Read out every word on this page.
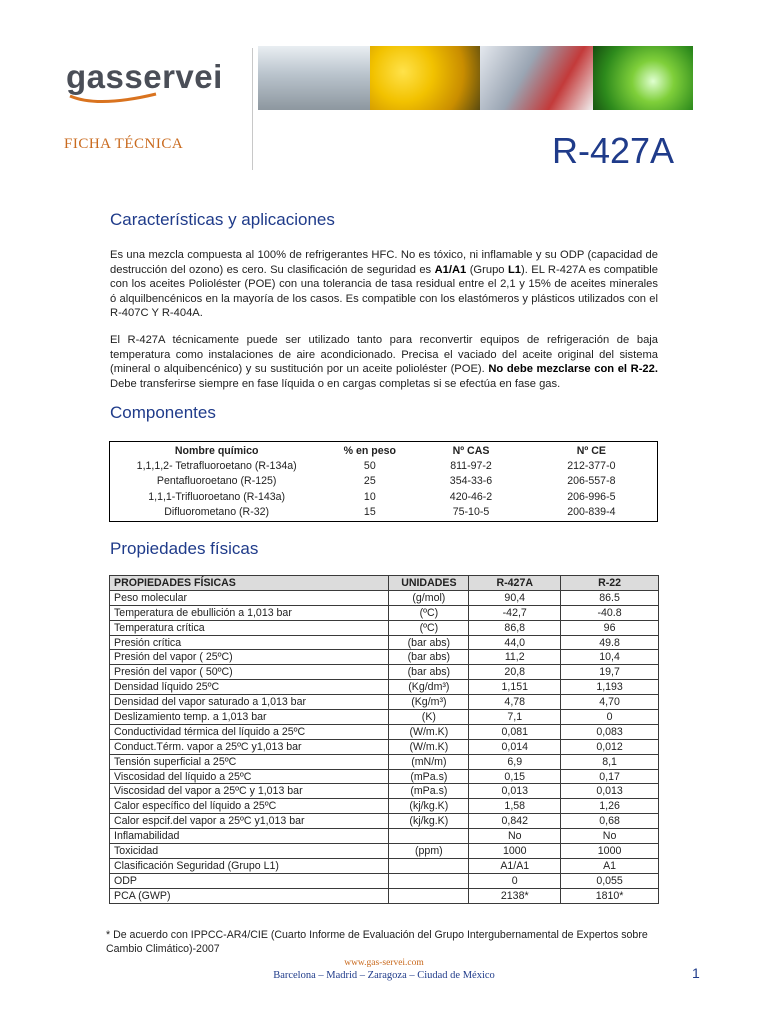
gasservei
FICHA TÉCNICA	R-427A
Características y aplicaciones

Es una mezcla compuesta al 100% de refrigerantes HFC. No es tóxico, ni inflamable y su ODP (capacidad de destrucción del ozono) es cero. Su clasificación de seguridad es A1/A1 (Grupo L1). EL R-427A es compatible con los aceites Polioléster (POE) con una tolerancia de tasa residual entre el 2,1 y 15% de aceites minerales ó alquilbencénicos en la mayoría de los casos. Es compatible con los elastómeros y plásticos utilizados con el R-407C Y R-404A.

El R-427A técnicamente puede ser utilizado tanto para reconvertir equipos de refrigeración de baja temperatura como instalaciones de aire acondicionado. Precisa el vaciado del aceite original del sistema (mineral o alquibencénico) y su sustitución por un aceite polioléster (POE). No debe mezclarse con el R-22. Debe transferirse siempre en fase líquida o en cargas completas si se efectúa en fase gas.

Componentes
Nombre químico	% en peso	Nº CAS	Nº CE
1,1,1,2- Tetrafluoroetano (R-134a)	50	811-97-2	212-377-0
Pentafluoroetano (R-125)	25	354-33-6	206-557-8
1,1,1-Trifluoroetano (R-143a)	10	420-46-2	206-996-5
Difluorometano (R-32)	15	75-10-5	200-839-4
Propiedades físicas
PROPIEDADES FÍSICAS	UNIDADES	R-427A	R-22
Peso molecular	(g/mol)	90,4	86.5
Temperatura de ebullición a 1,013 bar	(ºC)	-42,7	-40.8
Temperatura crítica	(ºC)	86,8	96
Presión crítica	(bar abs)	44,0	49.8
Presión del vapor ( 25ºC)	(bar abs)	11,2	10,4
Presión del vapor ( 50ºC)	(bar abs)	20,8	19,7
Densidad líquido 25ºC	(Kg/dm³)	1,151	1,193
Densidad del vapor saturado a 1,013 bar	(Kg/m³)	4,78	4,70
Deslizamiento temp. a 1,013 bar	(K)	7,1	0
Conductividad térmica del líquido a 25ºC	(W/m.K)	0,081	0,083
Conduct.Térm. vapor a 25ºC y1,013 bar	(W/m.K)	0,014	0,012
Tensión superficial a 25ºC	(mN/m)	6,9	8,1
Viscosidad del líquido a 25ºC	(mPa.s)	0,15	0,17
Viscosidad del vapor a 25ºC y 1,013 bar	(mPa.s)	0,013	0,013
Calor específico del líquido a 25ºC	(kj/kg.K)	1,58	1,26
Calor espcif.del vapor a 25ºC y1,013 bar	(kj/kg.K)	0,842	0,68
Inflamabilidad		No	No
Toxicidad	(ppm)	1000	1000
Clasificación Seguridad (Grupo L1)		A1/A1	A1
ODP		0	0,055
PCA (GWP)		2138*	1810*
* De acuerdo con IPPCC-AR4/CIE (Cuarto Informe de Evaluación del Grupo Intergubernamental de Expertos sobre Cambio Climático)-2007
www.gas-servei.com
Barcelona – Madrid – Zaragoza – Ciudad de México	1
